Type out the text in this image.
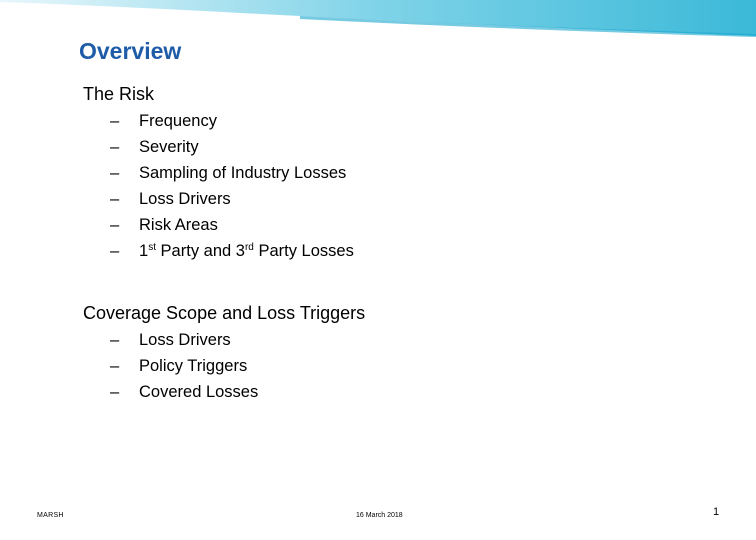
Overview
The Risk
– Frequency
– Severity
– Sampling of Industry Losses
– Loss Drivers
– Risk Areas
– 1st Party and 3rd Party Losses
Coverage Scope and Loss Triggers
– Loss Drivers
– Policy Triggers
– Covered Losses
MARSH	16 March 2018	1
